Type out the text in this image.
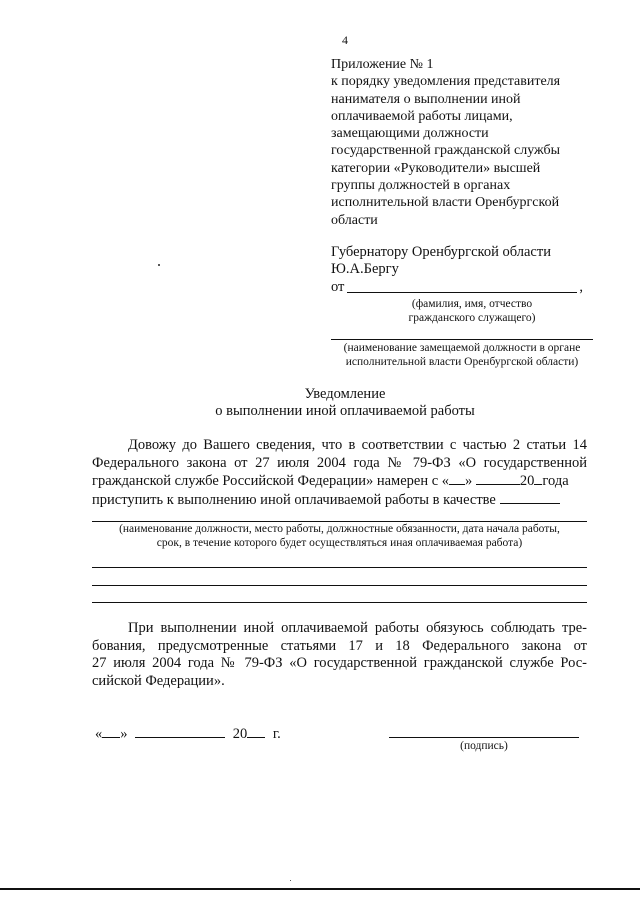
4
Приложение № 1
к порядку уведомления представителя
нанимателя о выполнении иной
оплачиваемой работы лицами,
замещающими должности
государственной гражданской службы
категории «Руководители» высшей
группы должностей в органах
исполнительной власти Оренбургской
области
Губернатору Оренбургской области
Ю.А.Бергу
от	,
(фамилия, имя, отчество
гражданского служащего)
(наименование замещаемой должности в органе
исполнительной власти Оренбургской области)
Уведомление
о выполнении иной оплачиваемой работы
Довожу до Вашего сведения, что в соответствии с частью 2 статьи 14
Федерального закона от 27 июля 2004 года № 79-ФЗ «О государственной
гражданской службе Российской Федерации» намерен с « »	20 года
приступить к выполнению иной оплачиваемой работы в качестве
(наименование должности, место работы, должностные обязанности, дата начала работы,
срок, в течение которого будет осуществляться иная оплачиваемая работа)
При выполнении иной оплачиваемой работы обязуюсь соблюдать тре-
бования, предусмотренные статьями 17 и 18 Федерального закона от
27 июля 2004 года № 79-ФЗ «О государственной гражданской службе Рос-
сийской Федерации».
« »	20 г.
(подпись)
